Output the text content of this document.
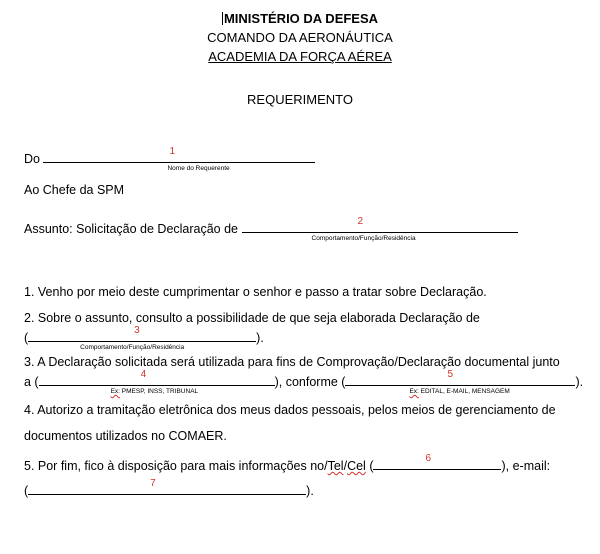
MINISTÉRIO DA DEFESA
COMANDO DA AERONÁUTICA
ACADEMIA DA FORÇA AÉREA
REQUERIMENTO
Do
1
Nome do Requerente
Ao Chefe da SPM
Assunto: Solicitação de Declaração de
2
Comportamento/Função/Residência
1. Venho por meio deste cumprimentar o senhor e passo a tratar sobre Declaração.
2. Sobre o assunto, consulto a possibilidade de que seja elaborada Declaração de
(
3
Comportamento/Função/Residência
).
3. A Declaração solicitada será utilizada para fins de Comprovação/Declaração documental junto
a (
4
Ex: PMESP, INSS, TRIBUNAL
), conforme (
5
Ex: EDITAL, E-MAIL, MENSAGEM
).
4. Autorizo a tramitação eletrônica dos meus dados pessoais, pelos meios de gerenciamento de
documentos utilizados no COMAER.
5. Por fim, fico à disposição para mais informações no/Tel/Cel (
6
), e-mail:
(
7
).
